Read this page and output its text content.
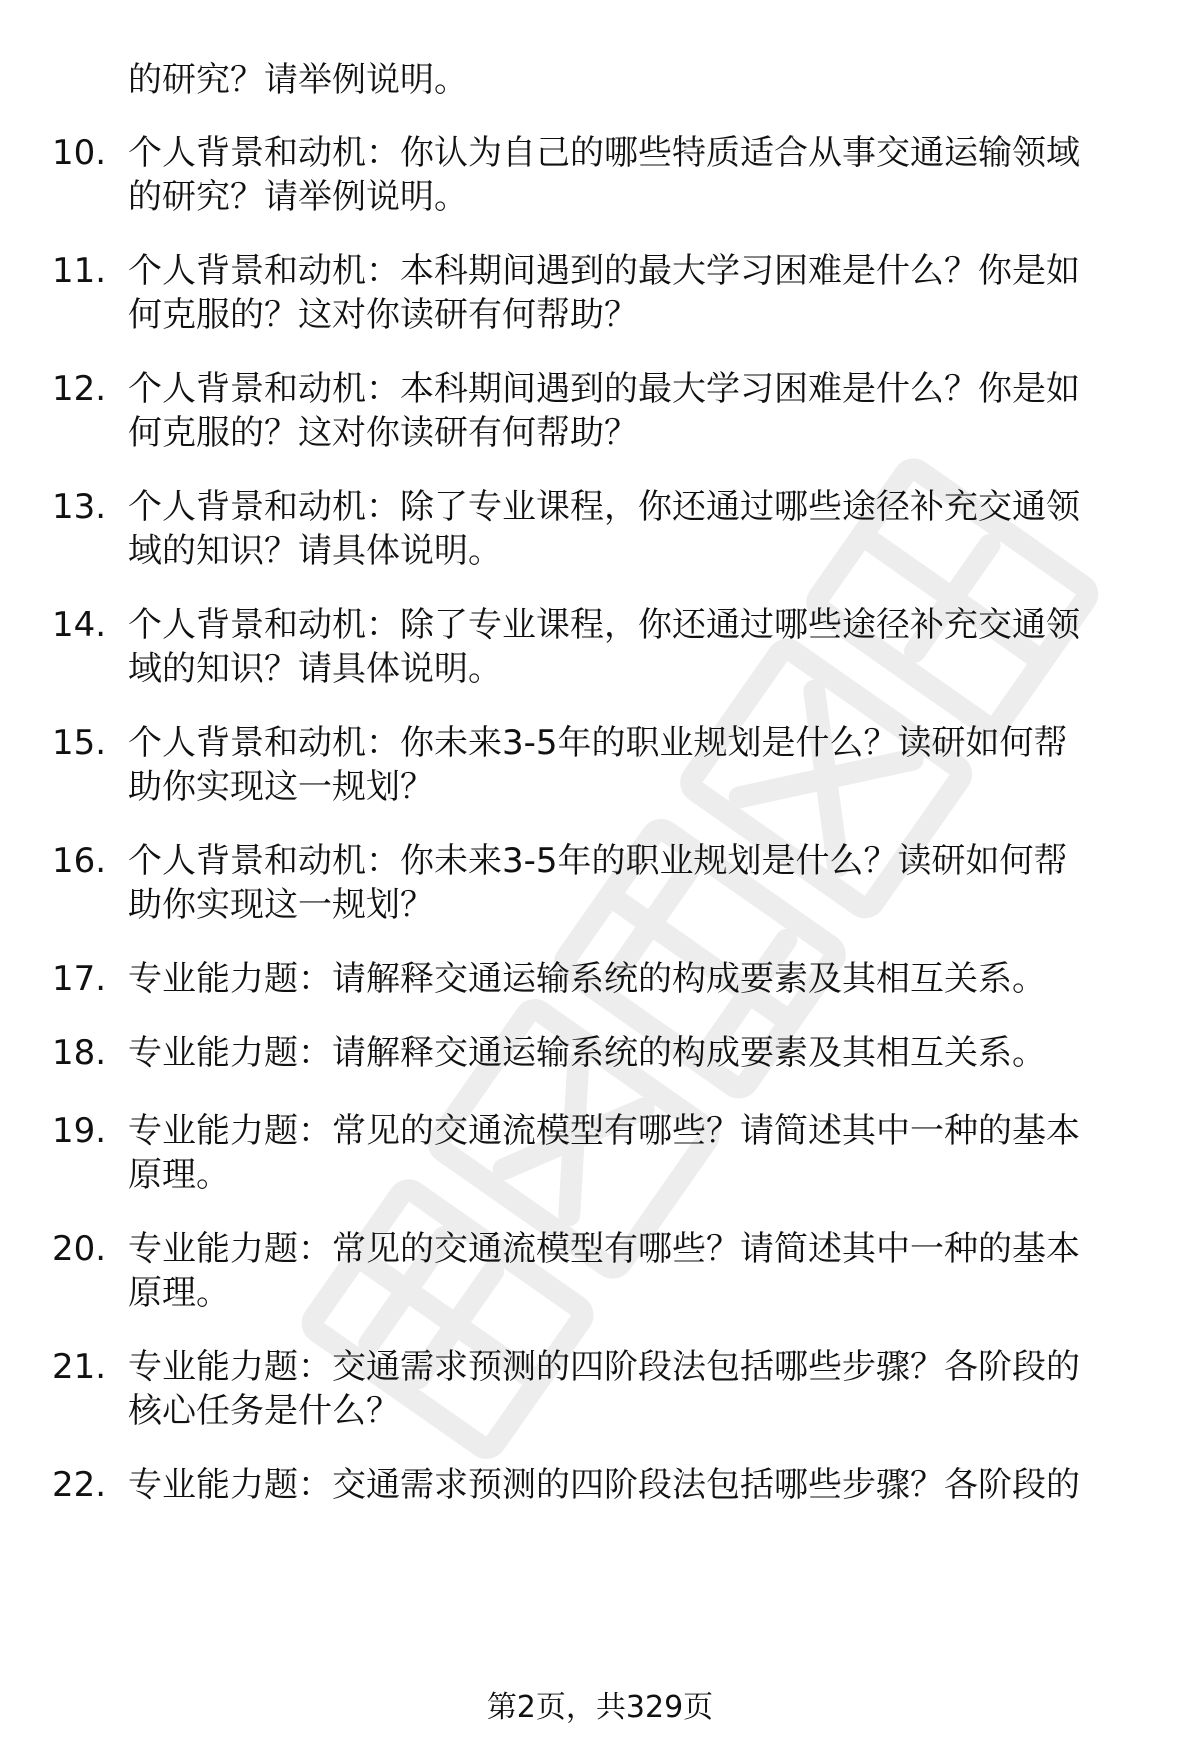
的研究？请举例说明。
10. 个人背景和动机：你认为自己的哪些特质适合从事交通运输领域
的研究？请举例说明。
11. 个人背景和动机：本科期间遇到的最大学习困难是什么？你是如
何克服的？这对你读研有何帮助？
12. 个人背景和动机：本科期间遇到的最大学习困难是什么？你是如
何克服的？这对你读研有何帮助？
13. 个人背景和动机：除了专业课程，你还通过哪些途径补充交通领
域的知识？请具体说明。
14. 个人背景和动机：除了专业课程，你还通过哪些途径补充交通领
域的知识？请具体说明。
15. 个人背景和动机：你未来3-5年的职业规划是什么？读研如何帮
助你实现这一规划？
16. 个人背景和动机：你未来3-5年的职业规划是什么？读研如何帮
助你实现这一规划？
17. 专业能力题：请解释交通运输系统的构成要素及其相互关系。
18. 专业能力题：请解释交通运输系统的构成要素及其相互关系。
19. 专业能力题：常见的交通流模型有哪些？请简述其中一种的基本
原理。
20. 专业能力题：常见的交通流模型有哪些？请简述其中一种的基本
原理。
21. 专业能力题：交通需求预测的四阶段法包括哪些步骤？各阶段的
核心任务是什么？
22. 专业能力题：交通需求预测的四阶段法包括哪些步骤？各阶段的
第2页，共329页
